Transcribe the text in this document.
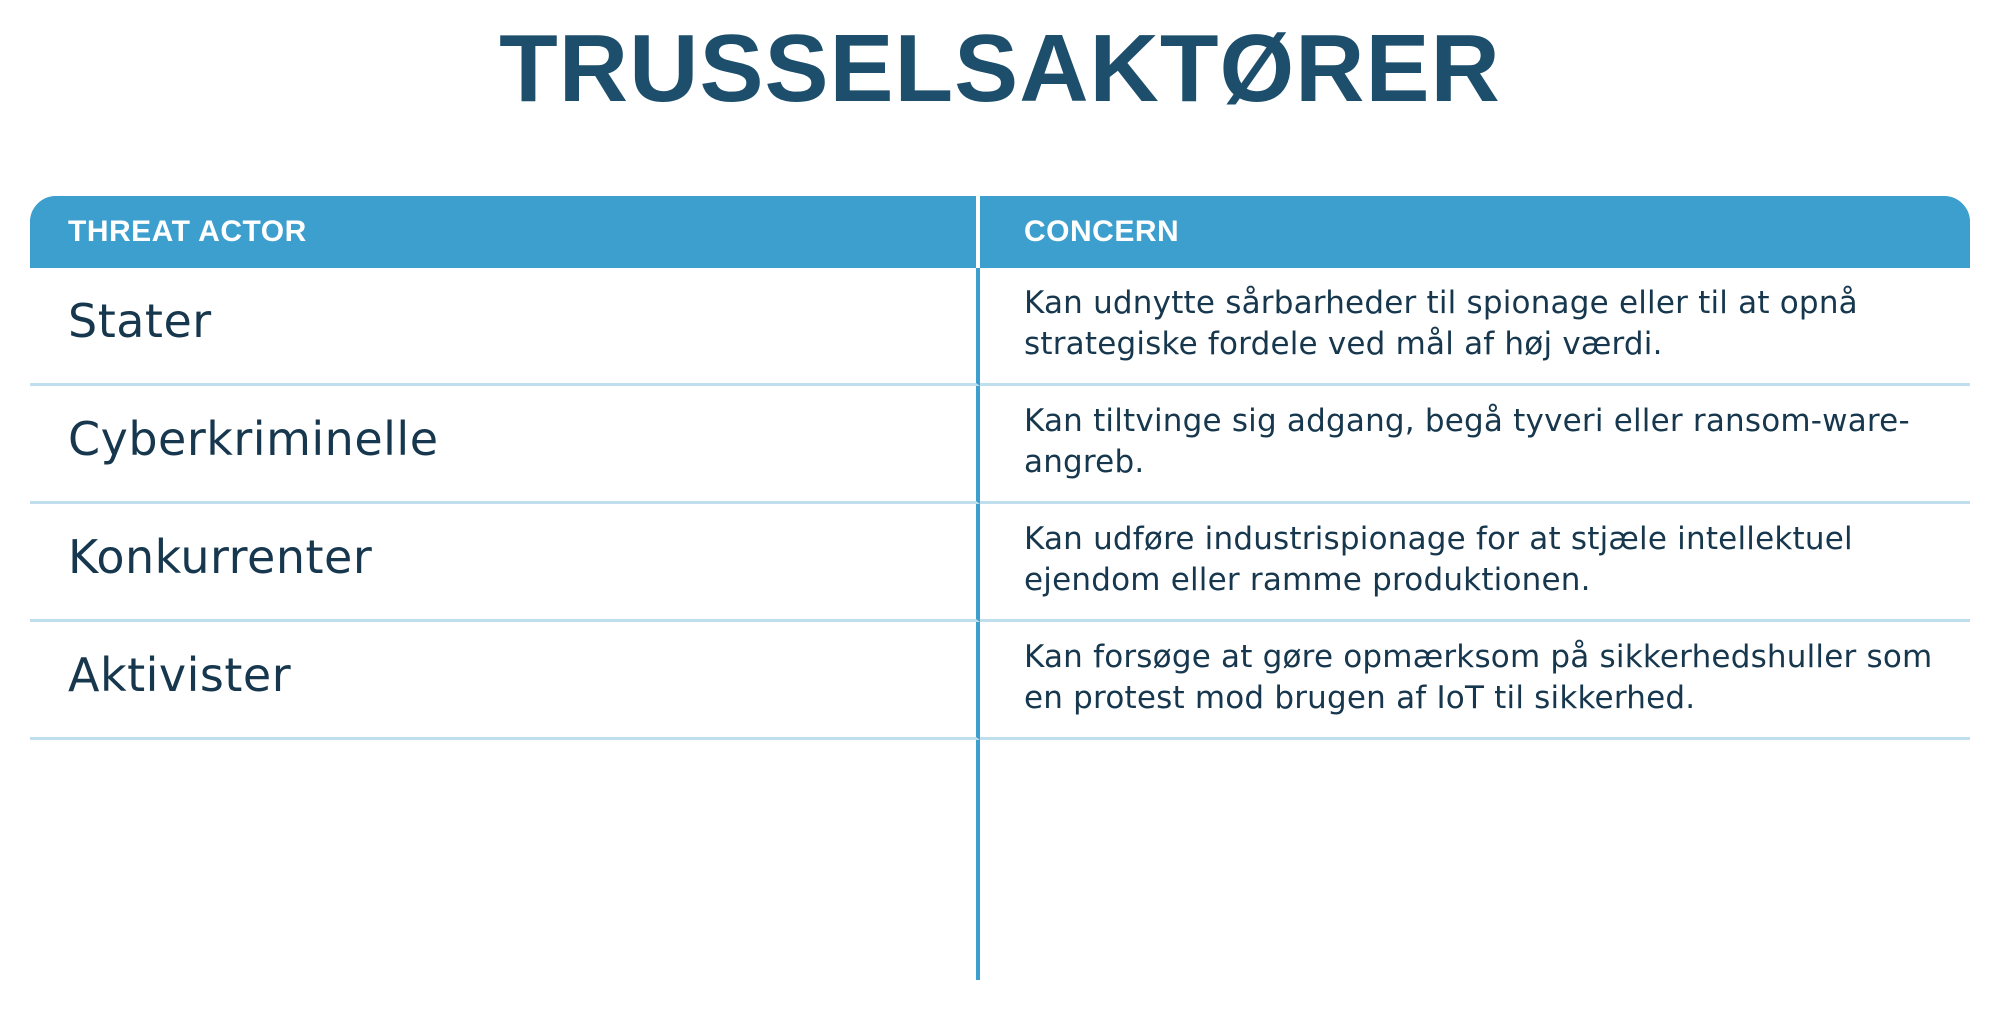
TRUSSELSAKTØRER
THREAT ACTOR	CONCERN
Stater	Kan udnytte sårbarheder til spionage eller til at opnå strategiske fordele ved mål af høj værdi.
Cyberkriminelle	Kan tiltvinge sig adgang, begå tyveri eller ransom-ware-angreb.
Konkurrenter	Kan udføre industrispionage for at stjæle intellektuel ejendom eller ramme produktionen.
Aktivister	Kan forsøge at gøre opmærksom på sikkerhedshuller som en protest mod brugen af IoT til sikkerhed.
